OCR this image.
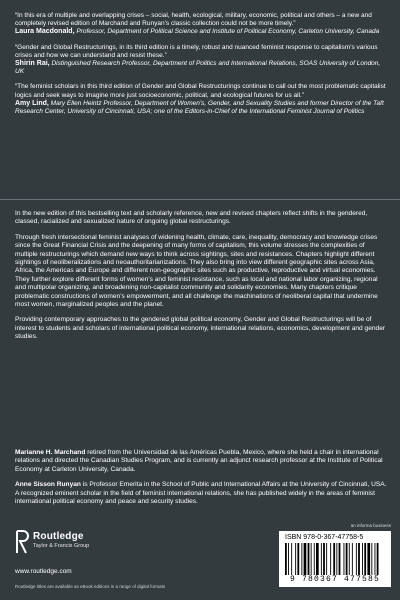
“In this era of multiple and overlapping crises – social, health, ecological, military, economic, political and others – a new and completely revised edition of Marchand and Runyan’s classic collection could not be more timely.”

Laura Macdonald, Professor, Department of Political Science and Institute of Political Economy, Carleton University, Canada

“Gender and Global Restructurings, in its third edition is a timely, robust and nuanced feminist response to capitalism’s various crises and how we can understand and resist these.”

Shirin Rai, Distinguished Research Professor, Department of Politics and International Relations, SOAS University of London, UK

“The feminist scholars in this third edition of Gender and Global Restructurings continue to call out the most problematic capitalist logics and seek ways to imagine more just socioeconomic, political, and ecological futures for us all.”

Amy Lind, Mary Ellen Heintz Professor, Department of Women’s, Gender, and Sexuality Studies and former Director of the Taft Research Center, University of Cincinnati, USA; one of the Editors-in-Chief of the International Feminist Journal of Politics

In the new edition of this bestselling text and scholarly reference, new and revised chapters reflect shifts in the gendered, classed, racialized and sexualized nature of ongoing global restructurings.

Through fresh intersectional feminist analyses of widening health, climate, care, inequality, democracy and knowledge crises since the Great Financial Crisis and the deepening of many forms of capitalism, this volume stresses the complexities of multiple restructurings which demand new ways to think across sightings, sites and resistances. Chapters highlight different sightings of neoliberalizations and neoauthoritarianizations. They also bring into view different geographic sites across Asia, Africa, the Americas and Europe and different non-geographic sites such as productive, reproductive and virtual economies. They further explore different forms of women’s and feminist resistance, such as local and national labor organizing, regional and multipolar organizing, and broadening non-capitalist community and solidarity economies. Many chapters critique problematic constructions of women’s empowerment, and all challenge the machinations of neoliberal capital that undermine most women, marginalized peoples and the planet.

Providing contemporary approaches to the gendered global political economy, Gender and Global Restructurings will be of interest to students and scholars of international political economy, international relations, economics, development and gender studies.

Marianne H. Marchand retired from the Universidad de las Américas Puebla, Mexico, where she held a chair in international relations and directed the Canadian Studies Program, and is currently an adjunct research professor at the Institute of Political Economy at Carleton University, Canada.

Anne Sisson Runyan is Professor Emerita in the School of Public and International Affairs at the University of Cincinnati, USA. A recognized eminent scholar in the field of feminist international relations, she has published widely in the areas of feminist international political economy and peace and security studies.

Routledge
Taylor & Francis Group
www.routledge.com
Routledge titles are available as eBook editions in a range of digital formats
an informa business
ISBN 978-0-367-47758-5
9 780367 477585
